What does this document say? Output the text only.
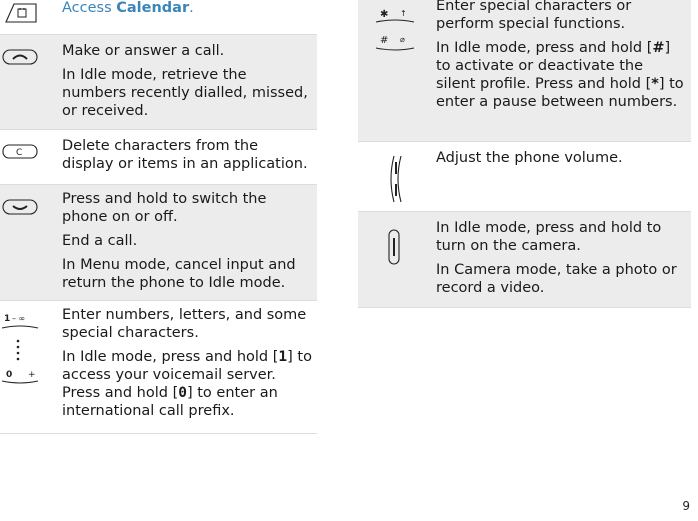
Access Calendar.

Make or answer a call.

In Idle mode, retrieve the numbers recently dialled, missed, or received.

C	Delete characters from the display or items in an application.

Press and hold to switch the phone on or off.

End a call.

In Menu mode, cancel input and return the phone to Idle mode.

1 – ∞
0 +

Enter numbers, letters, and some special characters.

In Idle mode, press and hold [1] to access your voicemail server. Press and hold [0] to enter an international call prefix.

✱ ↑
# ⌀

Enter special characters or perform special functions.

In Idle mode, press and hold [#] to activate or deactivate the silent profile. Press and hold [*] to enter a pause between numbers.

Adjust the phone volume.

In Idle mode, press and hold to turn on the camera.

In Camera mode, take a photo or record a video.

9
